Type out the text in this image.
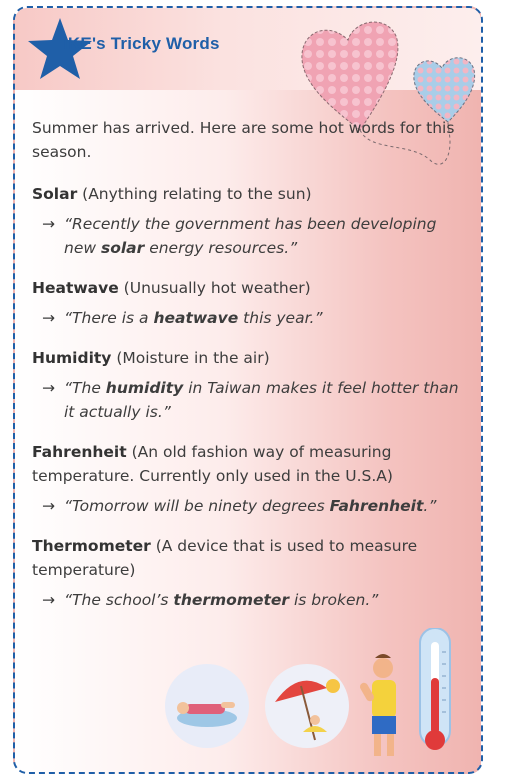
IKE's Tricky Words

Summer has arrived. Here are some hot words for this season.

Solar (Anything relating to the sun)

→ “Recently the government has been developing new solar energy resources.”

Heatwave (Unusually hot weather)

→ “There is a heatwave this year.”

Humidity (Moisture in the air)

→ “The humidity in Taiwan makes it feel hotter than it actually is.”

Fahrenheit (An old fashion way of measuring temperature. Currently only used in the U.S.A)

→ “Tomorrow will be ninety degrees Fahrenheit.”

Thermometer (A device that is used to measure temperature)

→ “The school’s thermometer is broken.”
